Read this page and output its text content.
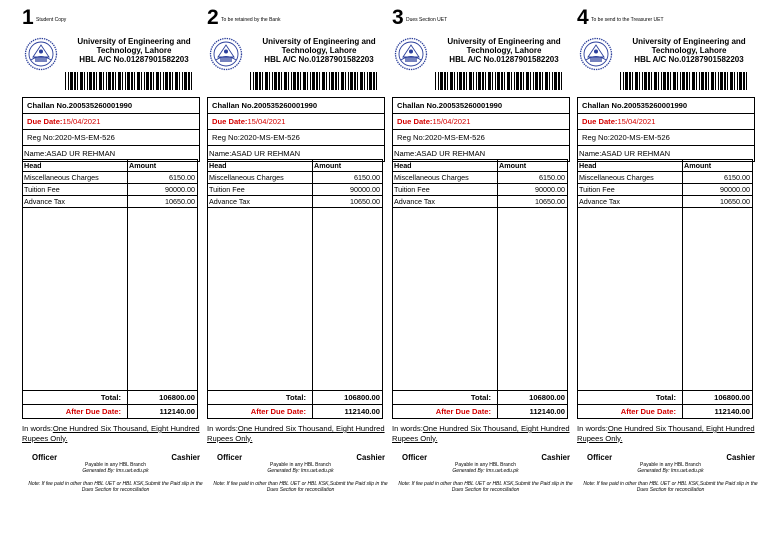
1 Student Copy
University of Engineering and Technology, Lahore
HBL A/C No.01287901582203
Challan No.200535260001990
Due Date:15/04/2021
Reg No:2020-MS-EM-526
Name:ASAD UR REHMAN
Head	Amount
Miscellaneous Charges	6150.00
Tuition Fee	90000.00
Advance Tax	10650.00
Total:	106800.00
After Due Date:	112140.00
In words:One Hundred Six Thousand, Eight Hundred Rupees Only.
Officer	Cashier
Payable in any HBL Branch
Generated By: lms.uet.edu.pk
Note: If fee paid in other than HBL UET or HBL KSK,Submit the Paid slip in the Dues Section for reconciliation
2 To be retained by the Bank
University of Engineering and Technology, Lahore
HBL A/C No.01287901582203
Challan No.200535260001990
Due Date:15/04/2021
Reg No:2020-MS-EM-526
Name:ASAD UR REHMAN
Head	Amount
Miscellaneous Charges	6150.00
Tuition Fee	90000.00
Advance Tax	10650.00
Total:	106800.00
After Due Date:	112140.00
In words:One Hundred Six Thousand, Eight Hundred Rupees Only.
Officer	Cashier
Payable in any HBL Branch
Generated By: lms.uet.edu.pk
Note: If fee paid in other than HBL UET or HBL KSK,Submit the Paid slip in the Dues Section for reconciliation
3 Dues Section UET
University of Engineering and Technology, Lahore
HBL A/C No.01287901582203
Challan No.200535260001990
Due Date:15/04/2021
Reg No:2020-MS-EM-526
Name:ASAD UR REHMAN
Head	Amount
Miscellaneous Charges	6150.00
Tuition Fee	90000.00
Advance Tax	10650.00
Total:	106800.00
After Due Date:	112140.00
In words:One Hundred Six Thousand, Eight Hundred Rupees Only.
Officer	Cashier
Payable in any HBL Branch
Generated By: lms.uet.edu.pk
Note: If fee paid in other than HBL UET or HBL KSK,Submit the Paid slip in the Dues Section for reconciliation
4 To be send to the Treasurer UET
University of Engineering and Technology, Lahore
HBL A/C No.01287901582203
Challan No.200535260001990
Due Date:15/04/2021
Reg No:2020-MS-EM-526
Name:ASAD UR REHMAN
Head	Amount
Miscellaneous Charges	6150.00
Tuition Fee	90000.00
Advance Tax	10650.00
Total:	106800.00
After Due Date:	112140.00
In words:One Hundred Six Thousand, Eight Hundred Rupees Only.
Officer	Cashier
Payable in any HBL Branch
Generated By: lms.uet.edu.pk
Note: If fee paid in other than HBL UET or HBL KSK,Submit the Paid slip in the Dues Section for reconciliation
